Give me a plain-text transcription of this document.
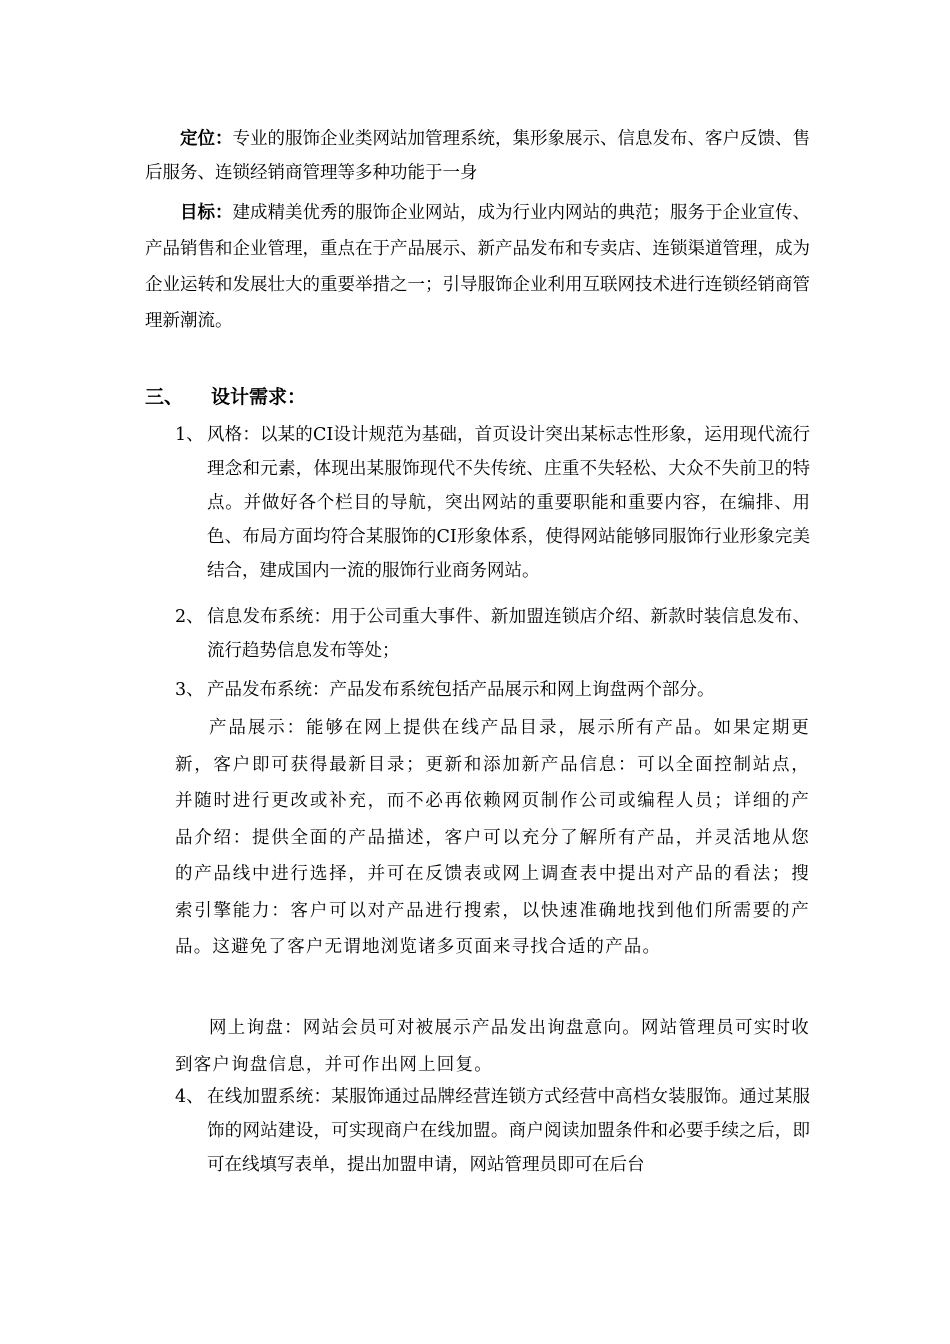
定位：专业的服饰企业类网站加管理系统，集形象展示、信息发布、客户反馈、售后服务、连锁经销商管理等多种功能于一身

目标：建成精美优秀的服饰企业网站，成为行业内网站的典范；服务于企业宣传、产品销售和企业管理，重点在于产品展示、新产品发布和专卖店、连锁渠道管理，成为企业运转和发展壮大的重要举措之一；引导服饰企业利用互联网技术进行连锁经销商管理新潮流。

三、 设计需求：
1、 风格：以某的CI设计规范为基础，首页设计突出某标志性形象，运用现代流行理念和元素，体现出某服饰现代不失传统、庄重不失轻松、大众不失前卫的特点。并做好各个栏目的导航，突出网站的重要职能和重要内容，在编排、用色、布局方面均符合某服饰的CI形象体系，使得网站能够同服饰行业形象完美结合，建成国内一流的服饰行业商务网站。
2、 信息发布系统：用于公司重大事件、新加盟连锁店介绍、新款时装信息发布、流行趋势信息发布等处；
3、 产品发布系统：产品发布系统包括产品展示和网上询盘两个部分。

产品展示：能够在网上提供在线产品目录，展示所有产品。如果定期更新，客户即可获得最新目录；更新和添加新产品信息：可以全面控制站点，并随时进行更改或补充，而不必再依赖网页制作公司或编程人员；详细的产品介绍：提供全面的产品描述，客户可以充分了解所有产品，并灵活地从您的产品线中进行选择，并可在反馈表或网上调查表中提出对产品的看法；搜索引擎能力：客户可以对产品进行搜索，以快速准确地找到他们所需要的产品。这避免了客户无谓地浏览诸多页面来寻找合适的产品。

网上询盘：网站会员可对被展示产品发出询盘意向。网站管理员可实时收到客户询盘信息，并可作出网上回复。

4、 在线加盟系统：某服饰通过品牌经营连锁方式经营中高档女装服饰。通过某服饰的网站建设，可实现商户在线加盟。商户阅读加盟条件和必要手续之后，即可在线填写表单，提出加盟申请，网站管理员即可在后台
